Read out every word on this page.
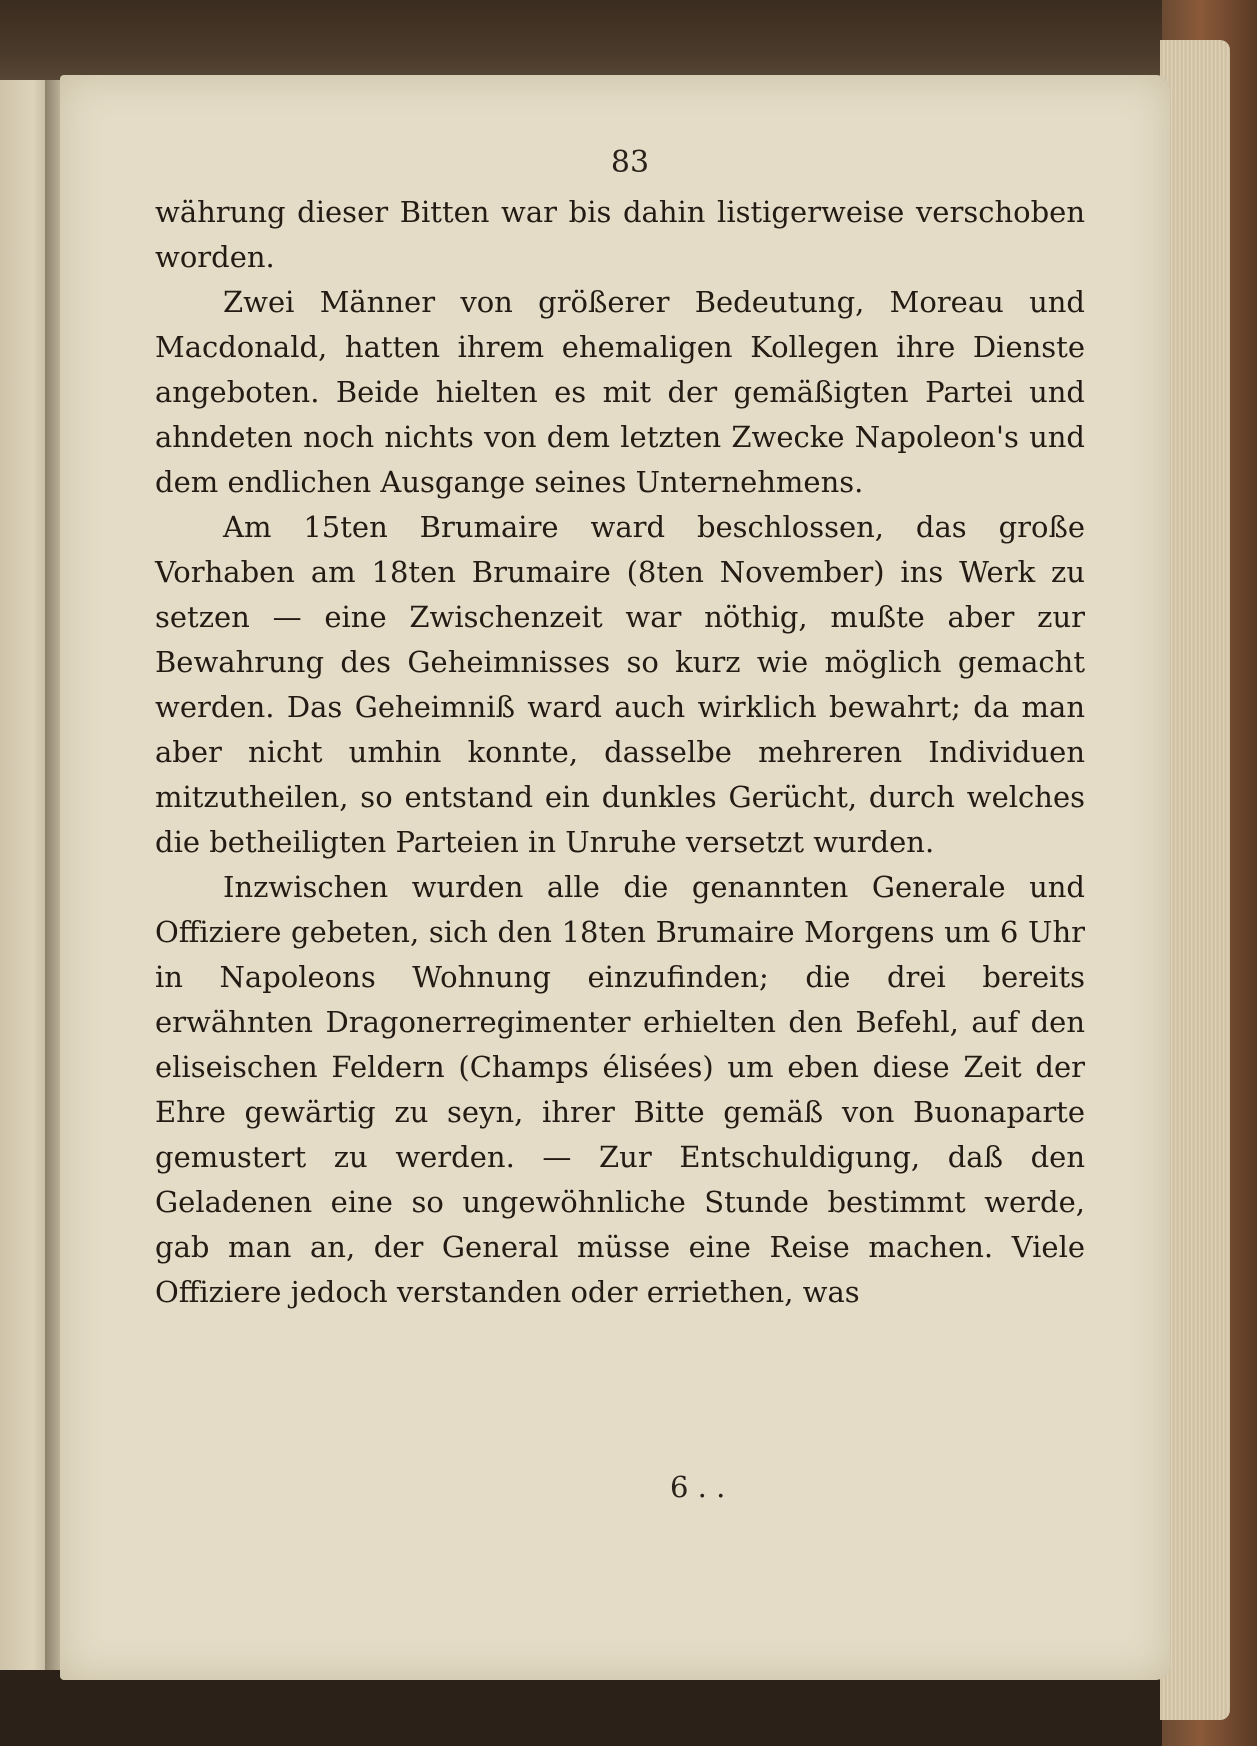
83

währung dieser Bitten war bis dahin listigerweise verschoben worden.

Zwei Männer von größerer Bedeutung, Moreau und Macdonald, hatten ihrem ehemaligen Kollegen ihre Dienste angeboten. Beide hielten es mit der gemäßigten Partei und ahndeten noch nichts von dem letzten Zwecke Napoleon's und dem endlichen Ausgange seines Unternehmens.

Am 15ten Brumaire ward beschlossen, das große Vorhaben am 18ten Brumaire (8ten November) ins Werk zu setzen — eine Zwischenzeit war nöthig, mußte aber zur Bewahrung des Geheimnisses so kurz wie möglich gemacht werden. Das Geheimniß ward auch wirklich bewahrt; da man aber nicht umhin konnte, dasselbe mehreren Individuen mitzutheilen, so entstand ein dunkles Gerücht, durch welches die betheiligten Parteien in Unruhe versetzt wurden.

Inzwischen wurden alle die genannten Generale und Offiziere gebeten, sich den 18ten Brumaire Morgens um 6 Uhr in Napoleons Wohnung einzufinden; die drei bereits erwähnten Dragonerregimenter erhielten den Befehl, auf den eliseischen Feldern (Champs élisées) um eben diese Zeit der Ehre gewärtig zu seyn, ihrer Bitte gemäß von Buonaparte gemustert zu werden. — Zur Entschuldigung, daß den Geladenen eine so ungewöhnliche Stunde bestimmt werde, gab man an, der General müsse eine Reise machen. Viele Offiziere jedoch verstanden oder erriethen, was

6 . .
